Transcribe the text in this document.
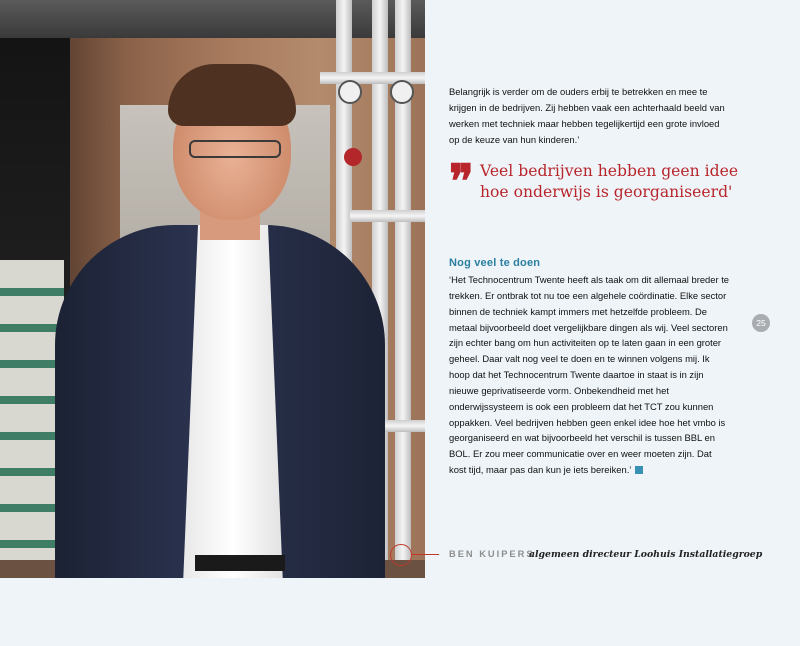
Belangrijk is verder om de ouders erbij te betrekken en mee te krijgen in de bedrijven. Zij hebben vaak een achterhaald beeld van werken met techniek maar hebben tegelijkertijd een grote invloed op de keuze van hun kinderen.’

❞ Veel bedrijven hebben geen idee hoe onderwijs is georganiseerd'

Nog veel te doen

‘Het Technocentrum Twente heeft als taak om dit allemaal breder te trekken. Er ontbrak tot nu toe een algehele coördinatie. Elke sector binnen de techniek kampt immers met hetzelfde probleem. De metaal bijvoorbeeld doet vergelijkbare dingen als wij. Veel sectoren zijn echter bang om hun activiteiten op te laten gaan in een groter geheel. Daar valt nog veel te doen en te winnen volgens mij. Ik hoop dat het Technocentrum Twente daartoe in staat is in zijn nieuwe geprivatiseerde vorm. Onbekendheid met het onderwijssysteem is ook een probleem dat het TCT zou kunnen oppakken. Veel bedrijven hebben geen enkel idee hoe het vmbo is georganiseerd en wat bijvoorbeeld het verschil is tussen BBL en BOL. Er zou meer communicatie over en weer moeten zijn. Dat kost tijd, maar pas dan kun je iets bereiken.’

25
BEN KUIPERS
algemeen directeur Loohuis Installatiegroep
